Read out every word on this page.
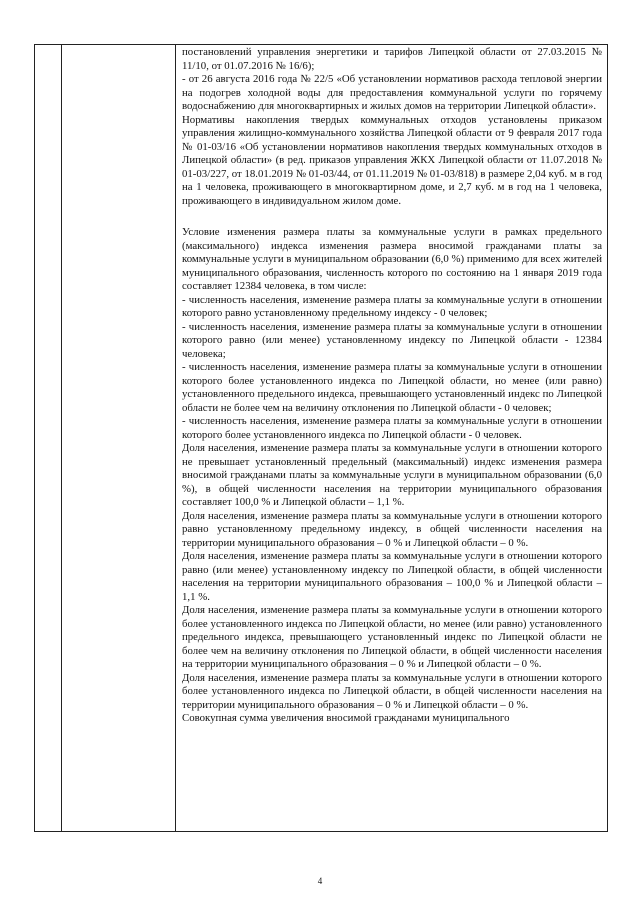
постановлений управления энергетики и тарифов Липецкой области от 27.03.2015 № 11/10, от 01.07.2016 № 16/6);

- от 26 августа 2016 года № 22/5 «Об установлении нормативов расхода тепловой энергии на подогрев холодной воды для предоставления коммунальной услуги по горячему водоснабжению для многоквартирных и жилых домов на территории Липецкой области».

Нормативы накопления твердых коммунальных отходов установлены приказом управления жилищно-коммунального хозяйства Липецкой области от 9 февраля 2017 года № 01-03/16 «Об установлении нормативов накопления твердых коммунальных отходов в Липецкой области» (в ред. приказов управления ЖКХ Липецкой области от 11.07.2018 № 01-03/227, от 18.01.2019 № 01-03/44, от 01.11.2019 № 01-03/818) в размере 2,04 куб. м в год на 1 человека, проживающего в многоквартирном доме, и 2,7 куб. м в год на 1 человека, проживающего в индивидуальном жилом доме.

Условие изменения размера платы за коммунальные услуги в рамках предельного (максимального) индекса изменения размера вносимой гражданами платы за коммунальные услуги в муниципальном образовании (6,0 %) применимо для всех жителей муниципального образования, численность которого по состоянию на 1 января 2019 года составляет 12384 человека, в том числе:

- численность населения, изменение размера платы за коммунальные услуги в отношении которого равно установленному предельному индексу - 0 человек;

- численность населения, изменение размера платы за коммунальные услуги в отношении которого равно (или менее) установленному индексу по Липецкой области - 12384 человека;

- численность населения, изменение размера платы за коммунальные услуги в отношении которого более установленного индекса по Липецкой области, но менее (или равно) установленного предельного индекса, превышающего установленный индекс по Липецкой области не более чем на величину отклонения по Липецкой области - 0 человек;

- численность населения, изменение размера платы за коммунальные услуги в отношении которого более установленного индекса по Липецкой области - 0 человек.

Доля населения, изменение размера платы за коммунальные услуги в отношении которого не превышает установленный предельный (максимальный) индекс изменения размера вносимой гражданами платы за коммунальные услуги в муниципальном образовании (6,0 %), в общей численности населения на территории муниципального образования составляет 100,0 % и Липецкой области – 1,1 %.

Доля населения, изменение размера платы за коммунальные услуги в отношении которого равно установленному предельному индексу, в общей численности населения на территории муниципального образования – 0 % и Липецкой области – 0 %.

Доля населения, изменение размера платы за коммунальные услуги в отношении которого равно (или менее) установленному индексу по Липецкой области, в общей численности населения на территории муниципального образования – 100,0 % и Липецкой области – 1,1 %.

Доля населения, изменение размера платы за коммунальные услуги в отношении которого более установленного индекса по Липецкой области, но менее (или равно) установленного предельного индекса, превышающего установленный индекс по Липецкой области не более чем на величину отклонения по Липецкой области, в общей численности населения на территории муниципального образования – 0 % и Липецкой области – 0 %.

Доля населения, изменение размера платы за коммунальные услуги в отношении которого более установленного индекса по Липецкой области, в общей численности населения на территории муниципального образования – 0 % и Липецкой области – 0 %.

Совокупная сумма увеличения вносимой гражданами муниципального

4
